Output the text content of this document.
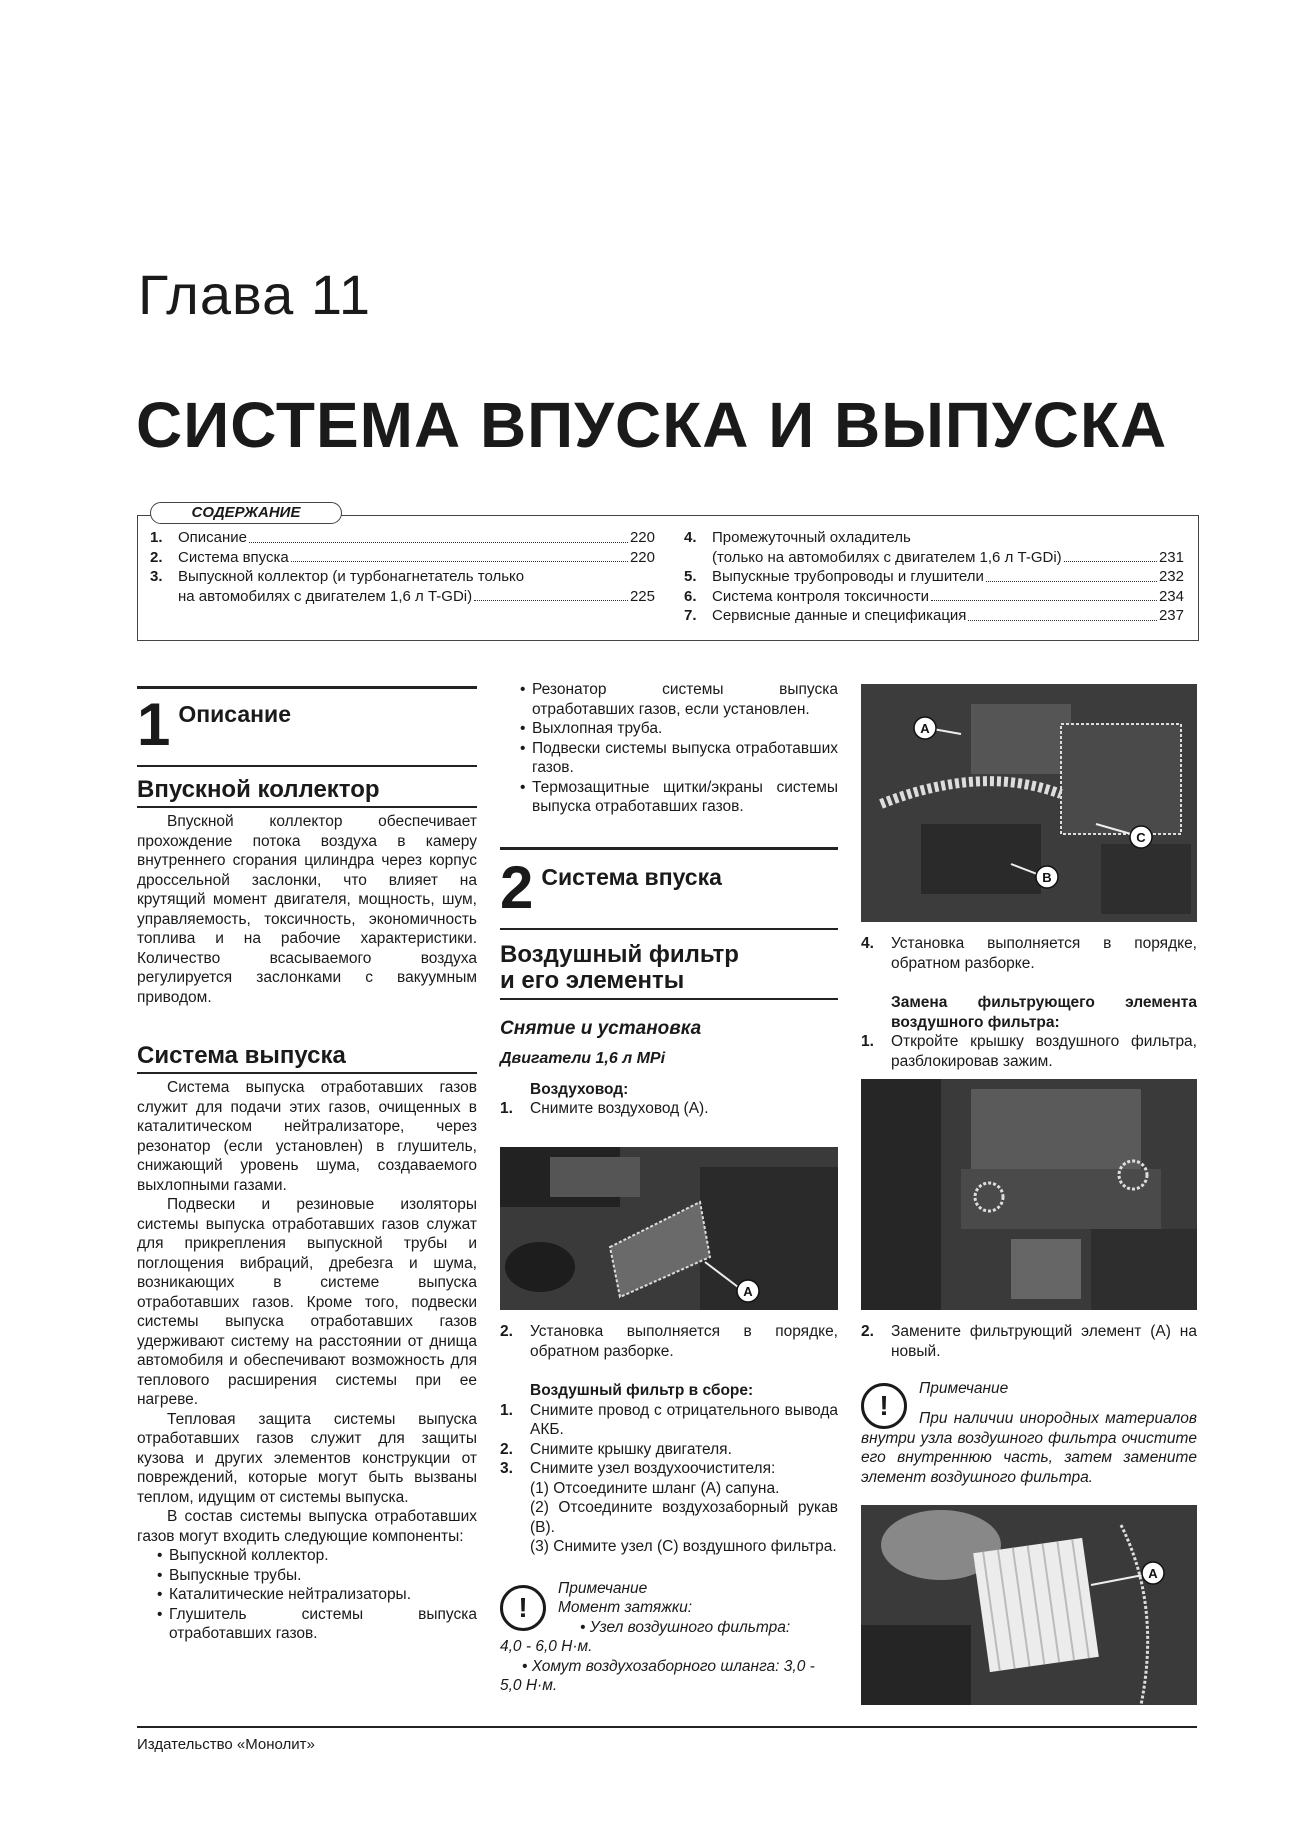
Глава 11
СИСТЕМА ВПУСКА И ВЫПУСКА
СОДЕРЖАНИЕ
1.	Описание	220
2.	Система впуска	220
3.	Выпускной коллектор (и турбонагнетатель только
на автомобилях с двигателем 1,6 л T-GDi)	225
4.	Промежуточный охладитель
(только на автомобилях с двигателем 1,6 л T-GDi)	231
5.	Выпускные трубопроводы и глушители	232
6.	Система контроля токсичности	234
7.	Сервисные данные и спецификация	237
1 Описание
Впускной коллектор

Впускной коллектор обеспечивает прохождение потока воздуха в камеру внутреннего сгорания цилиндра через корпус дроссельной заслонки, что влияет на крутящий момент двигателя, мощность, шум, управляемость, токсичность, экономичность топлива и на рабочие характеристики. Количество всасываемого воздуха регулируется заслонками с вакуумным приводом.

Система выпуска

Система выпуска отработавших газов служит для подачи этих газов, очищенных в каталитическом нейтрализаторе, через резонатор (если установлен) в глушитель, снижающий уровень шума, создаваемого выхлопными газами.

Подвески и резиновые изоляторы системы выпуска отработавших газов служат для прикрепления выпускной трубы и поглощения вибраций, дребезга и шума, возникающих в системе выпуска отработавших газов. Кроме того, подвески системы выпуска отработавших газов удерживают систему на расстоянии от днища автомобиля и обеспечивают возможность для теплового расширения системы при ее нагреве.

Тепловая защита системы выпуска отработавших газов служит для защиты кузова и других элементов конструкции от повреждений, которые могут быть вызваны теплом, идущим от системы выпуска.

В состав системы выпуска отработавших газов могут входить следующие компоненты:

• Выпускной коллектор.

• Выпускные трубы.

• Каталитические нейтрализаторы.

• Глушитель системы выпуска отработавших газов.

• Резонатор системы выпуска отработавших газов, если установлен.

• Выхлопная труба.

• Подвески системы выпуска отработавших газов.

• Термозащитные щитки/экраны системы выпуска отработавших газов.

2 Система впуска
Воздушный фильтр
и его элементы
Снятие и установка
Двигатели 1,6 л MPi

Воздуховод:

1.	Снимите воздуховод (А).
A
2.	Установка выполняется в порядке, обратном разборке.

Воздушный фильтр в сборе:

1.	Снимите провод с отрицательного вывода АКБ.
2.	Снимите крышку двигателя.
3.	Снимите узел воздухоочистителя:

(1) Отсоедините шланг (А) сапуна.

(2) Отсоедините воздухозаборный рукав (B).

(3) Снимите узел (С) воздушного фильтра.

!
Примечание
Момент затяжки:
• Узел воздушного фильтра:
4,0 - 6,0 Н·м.
• Хомут воздухозаборного шланга: 3,0 - 5,0 Н·м.
A
B
C
4.	Установка выполняется в порядке, обратном разборке.

Замена фильтрующего элемента воздушного фильтра:

1.	Откройте крышку воздушного фильтра, разблокировав зажим.
2.	Замените фильтрующий элемент (А) на новый.
!
Примечание
При наличии инородных материалов внутри узла воздушного фильтра очистите его внутреннюю часть, затем замените элемент воздушного фильтра.
A
Издательство «Монолит»
